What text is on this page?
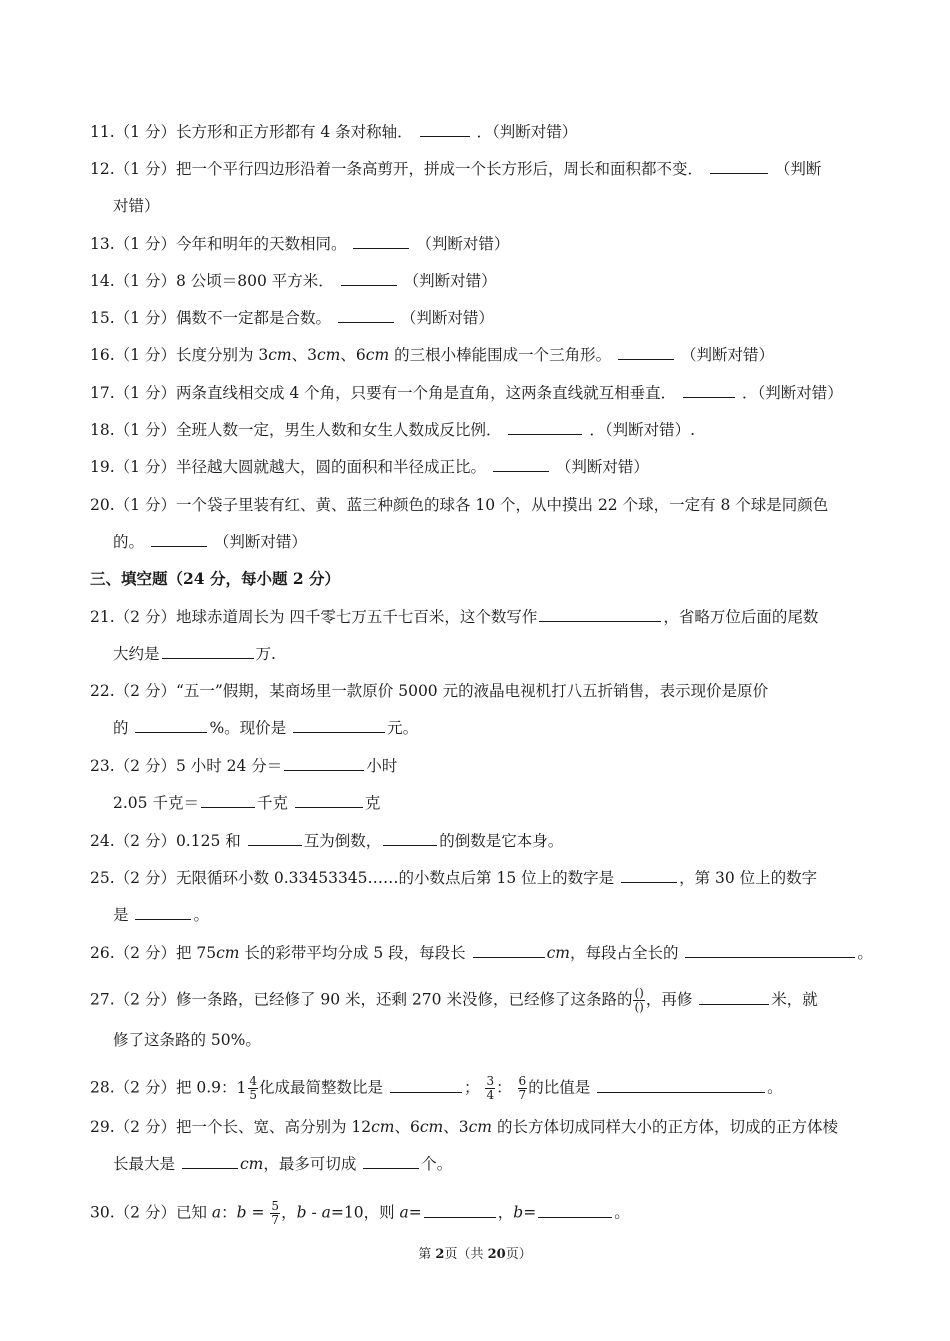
11.（1 分）长方形和正方形都有 4 条对称轴．	．（判断对错）
12.（1 分）把一个平行四边形沿着一条高剪开，拼成一个长方形后，周长和面积都不变．	（判断
对错）
13.（1 分）今年和明年的天数相同。	（判断对错）
14.（1 分）8 公顷＝800 平方米．	（判断对错）
15.（1 分）偶数不一定都是合数。	（判断对错）
16.（1 分）长度分别为 3cm、3cm、6cm 的三根小棒能围成一个三角形。	（判断对错）
17.（1 分）两条直线相交成 4 个角，只要有一个角是直角，这两条直线就互相垂直．	．（判断对错）
18.（1 分）全班人数一定，男生人数和女生人数成反比例．	．（判断对错）.
19.（1 分）半径越大圆就越大，圆的面积和半径成正比。	（判断对错）
20.（1 分）一个袋子里装有红、黄、蓝三种颜色的球各 10 个，从中摸出 22 个球，一定有 8 个球是同颜色
的。	（判断对错）
三、填空题（24 分，每小题 2 分）
21.（2 分）地球赤道周长为 四千零七万五千七百米，这个数写作	，省略万位后面的尾数
大约是	万.
22.（2 分）“五一”假期，某商场里一款原价 5000 元的液晶电视机打八五折销售，表示现价是原价
的	%。现价是	元。
23.（2 分）5 小时 24 分＝	小时
2.05 千克＝	千克	克
24.（2 分）0.125 和	互为倒数，	的倒数是它本身。
25.（2 分）无限循环小数 0.33453345……的小数点后第 15 位上的数字是	，第 30 位上的数字
是	。
26.（2 分）把 75cm 长的彩带平均分成 5 段，每段长	cm，每段占全长的	。
27.（2 分）修一条路，已经修了 90 米，还剩 270 米没修，已经修了这条路的 $\frac{()}{()}$ ，再修	米，就
修了这条路的 50%。
28.（2 分）把 0.9：$1 \frac{4}{5}$ 化成最简整数比是	； $\frac{3}{4}$ ： $\frac{6}{7}$ 的比值是	。
29.（2 分）把一个长、宽、高分别为 12cm、6cm、3cm 的长方体切成同样大小的正方体，切成的正方体棱
长最大是	cm，最多可切成	个。
30.（2 分）已知 a：$b = \frac{5}{7}$ ，b - a=10，则 a=	，b=	。
第 2页（共 20页）
